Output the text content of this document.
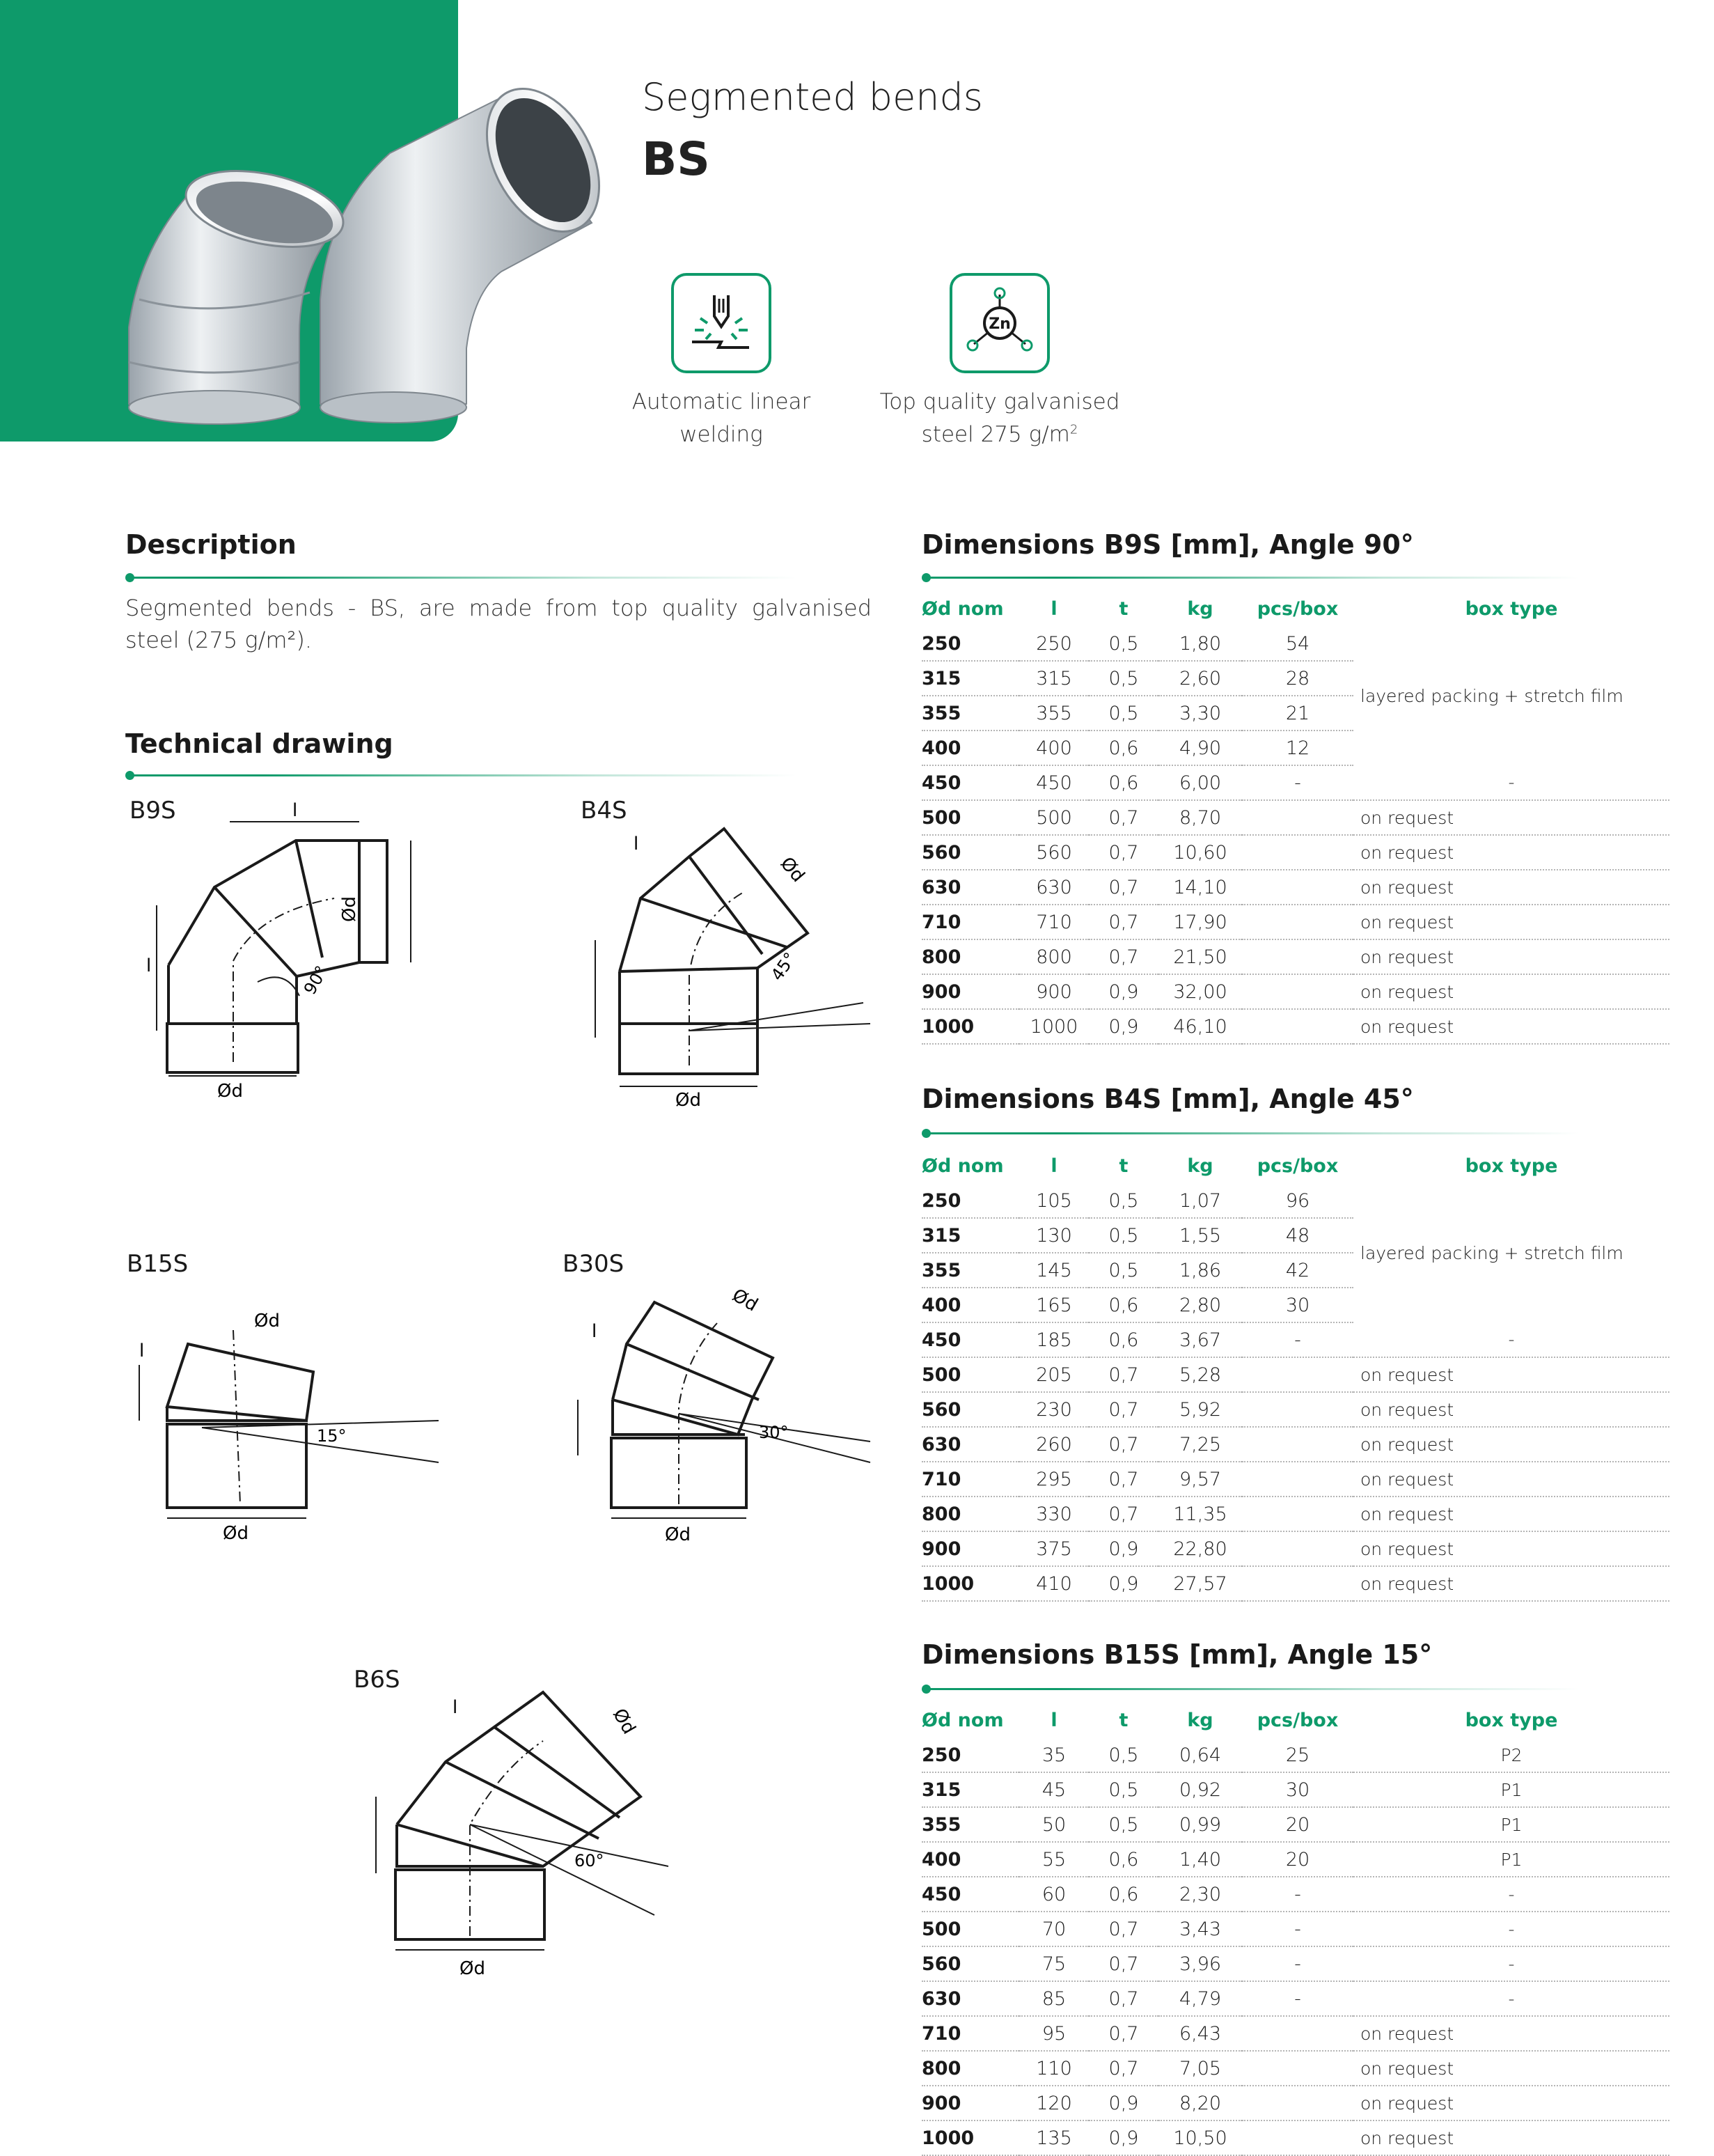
Segmented bends
BS
Automatic linear
welding
Zn
Top quality galvanised
steel 275 $g/m^2$
Description
Segmented bends - BS, are made from top quality galvanised steel (275 g/m²).
Technical drawing
B9S
Ød
l
l
Ød
90°
B4S
Ød
l
Ød
45°
B15S
Ød
l
Ød
15°
B30S
Ød
l
Ød
30°
B6S
Ød
l
Ød
60°
Dimensions B9S [mm], Angle 90°
Ød nom	l	t	kg	pcs/box	box type
250	250	0,5	1,80	54	layered packing + stretch film
315	315	0,5	2,60	28	
355	355	0,5	3,30	21	
400	400	0,6	4,90	12	
450	450	0,6	6,00	-	-
500	500	0,7	8,70		on request
560	560	0,7	10,60		on request
630	630	0,7	14,10		on request
710	710	0,7	17,90		on request
800	800	0,7	21,50		on request
900	900	0,9	32,00		on request
1000	1000	0,9	46,10		on request
Dimensions B4S [mm], Angle 45°
Ød nom	l	t	kg	pcs/box	box type
250	105	0,5	1,07	96	layered packing + stretch film
315	130	0,5	1,55	48	
355	145	0,5	1,86	42	
400	165	0,6	2,80	30	
450	185	0,6	3,67	-	-
500	205	0,7	5,28		on request
560	230	0,7	5,92		on request
630	260	0,7	7,25		on request
710	295	0,7	9,57		on request
800	330	0,7	11,35		on request
900	375	0,9	22,80		on request
1000	410	0,9	27,57		on request
Dimensions B15S [mm], Angle 15°
Ød nom	l	t	kg	pcs/box	box type
250	35	0,5	0,64	25	P2
315	45	0,5	0,92	30	P1
355	50	0,5	0,99	20	P1
400	55	0,6	1,40	20	P1
450	60	0,6	2,30	-	-
500	70	0,7	3,43	-	-
560	75	0,7	3,96	-	-
630	85	0,7	4,79	-	-
710	95	0,7	6,43		on request
800	110	0,7	7,05		on request
900	120	0,9	8,20		on request
1000	135	0,9	10,50		on request
